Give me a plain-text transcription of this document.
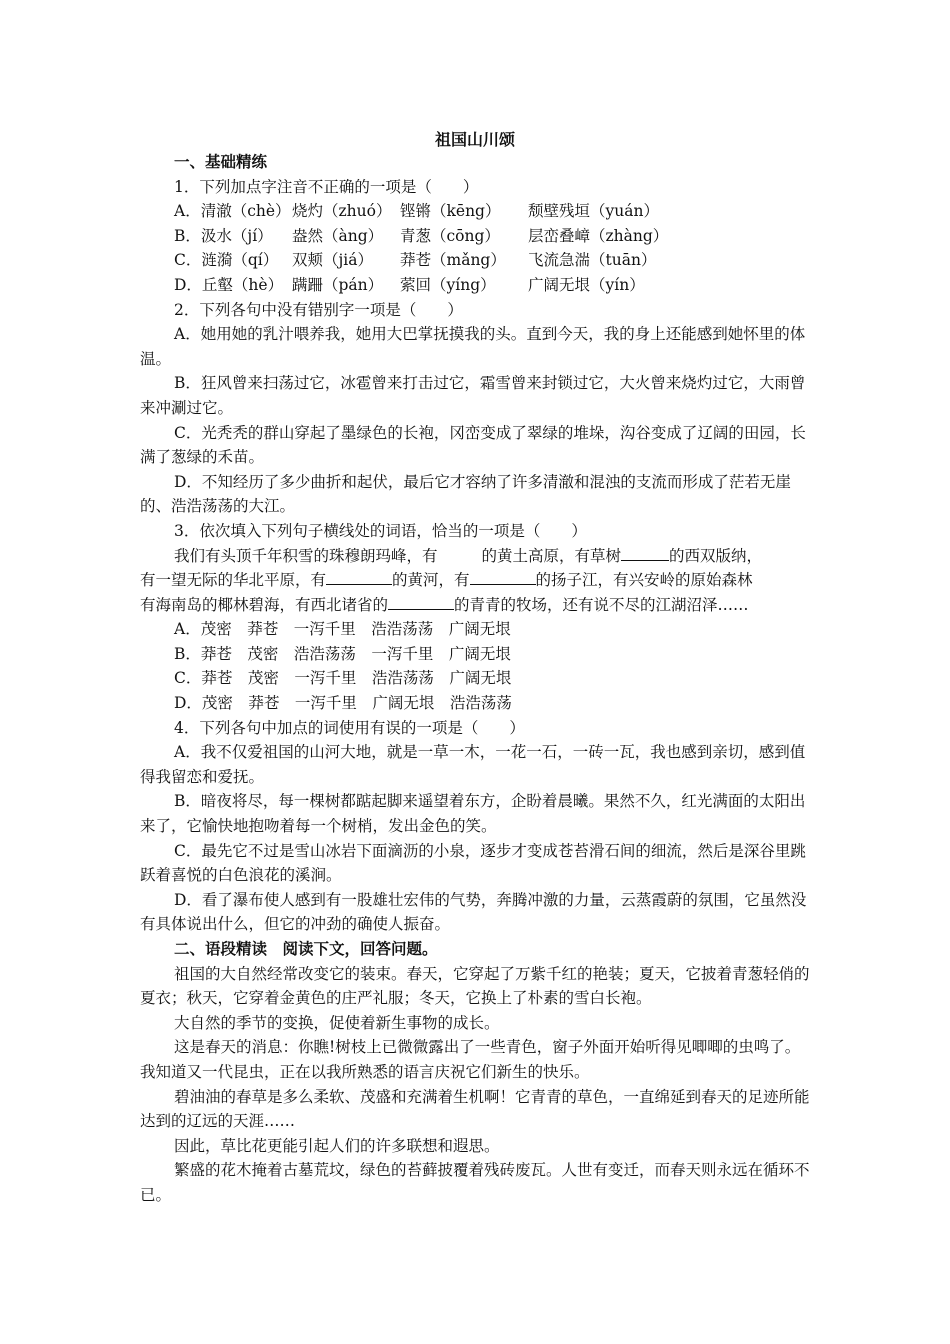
祖国山川颂

一、基础精练

1．下列加点字注音不正确的一项是（　　）

A．清澈（chè） 烧灼（zhuó） 铿锵（kēng）	颓壁残垣（yuán）
B．汲水（jí）	盎然（àng）	青葱（cōng）	层峦叠嶂（zhàng）
C．涟漪（qí） 双颊（jiá）	莽苍（mǎng）	飞流急湍（tuān）
D．丘壑（hè） 蹒跚（pán）	萦回（yíng）	广阔无垠（yín）

2．下列各句中没有错别字一项是（　　）

A．她用她的乳汁喂养我，她用大巴掌抚摸我的头。直到今天，我的身上还能感到她怀里的体温。

B．狂风曾来扫荡过它，冰雹曾来打击过它，霜雪曾来封锁过它，大火曾来烧灼过它，大雨曾来冲涮过它。

C．光秃秃的群山穿起了墨绿色的长袍，冈峦变成了翠绿的堆垛，沟谷变成了辽阔的田园，长满了葱绿的禾苗。

D．不知经历了多少曲折和起伏，最后它才容纳了许多清澈和混浊的支流而形成了茫若无崖的、浩浩荡荡的大江。

3．依次填入下列句子横线处的词语，恰当的一项是（　　）

我们有头顶千年积雪的珠穆朗玛峰，有	的黄土高原，有草树	的西双版纳，
有一望无际的华北平原，有	的黄河，有	的扬子江，有兴安岭的原始森林
有海南岛的椰林碧海，有西北诸省的	的青青的牧场，还有说不尽的江湖沼泽……

A．茂密　莽苍　一泻千里　浩浩荡荡　广阔无垠

B．莽苍　茂密　浩浩荡荡　一泻千里　广阔无垠

C．莽苍　茂密　一泻千里　浩浩荡荡　广阔无垠

D．茂密　莽苍　一泻千里　广阔无垠　浩浩荡荡

4．下列各句中加点的词使用有误的一项是（　　）

A．我不仅爱祖国的山河大地，就是一草一木，一花一石，一砖一瓦，我也感到亲切，感到值得我留恋和爱抚。

B．暗夜将尽，每一棵树都踮起脚来遥望着东方，企盼着晨曦。果然不久，红光满面的太阳出来了，它愉快地抱吻着每一个树梢，发出金色的笑。

C．最先它不过是雪山冰岩下面滴沥的小泉，逐步才变成苍苔滑石间的细流，然后是深谷里跳跃着喜悦的白色浪花的溪涧。

D．看了瀑布使人感到有一股雄壮宏伟的气势，奔腾冲激的力量，云蒸霞蔚的氛围，它虽然没有具体说出什么，但它的冲劲的确使人振奋。

二、语段精读　阅读下文，回答问题。

祖国的大自然经常改变它的装束。春天，它穿起了万紫千红的艳装；夏天，它披着青葱轻俏的夏衣；秋天，它穿着金黄色的庄严礼服；冬天，它换上了朴素的雪白长袍。

大自然的季节的变换，促使着新生事物的成长。

这是春天的消息：你瞧!树枝上已微微露出了一些青色，窗子外面开始听得见唧唧的虫鸣了。我知道又一代昆虫，正在以我所熟悉的语言庆祝它们新生的快乐。

碧油油的春草是多么柔软、茂盛和充满着生机啊！它青青的草色，一直绵延到春天的足迹所能达到的辽远的天涯……

因此，草比花更能引起人们的许多联想和遐思。

繁盛的花木掩着古墓荒坟，绿色的苔藓披覆着残砖废瓦。人世有变迁，而春天则永远在循环不已。
